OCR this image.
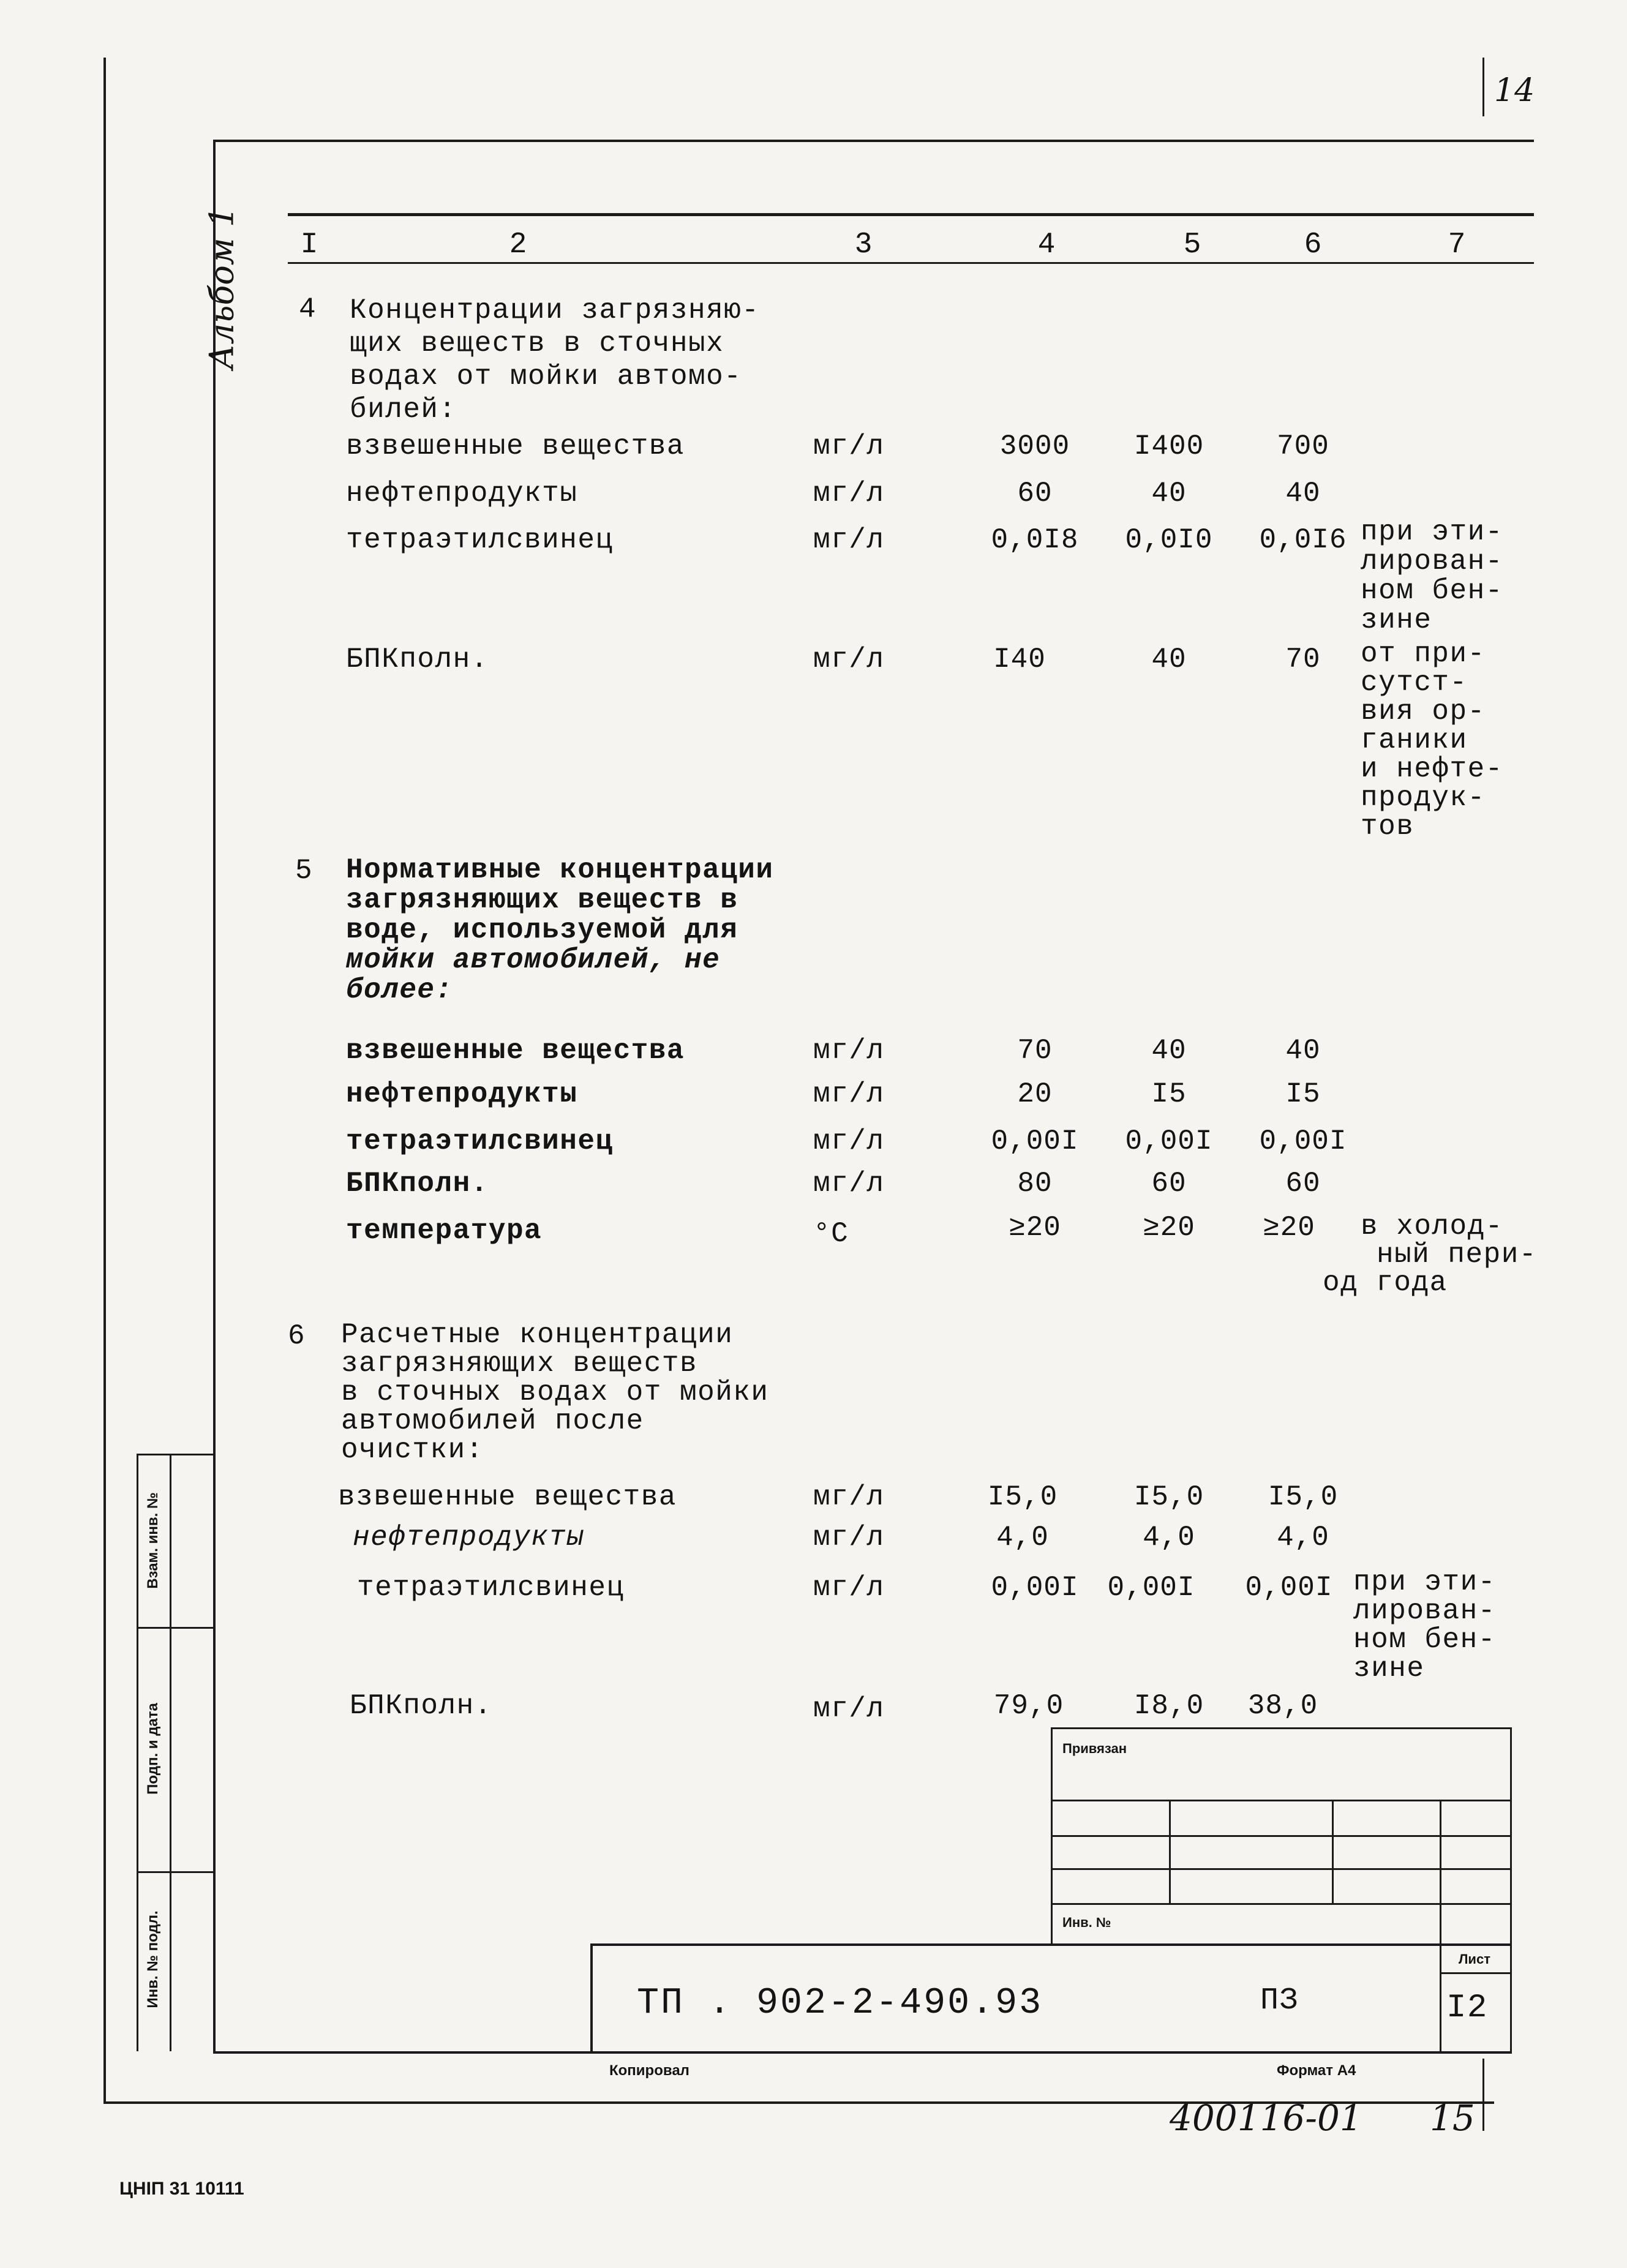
14
Альбом 1	I	2	3	4	5	6	7
4 Концентрации загрязняю-
щих веществ в сточных
водах от мойки автомо-
билей:
взвешенные вещества	мг/л	3000	I400	700
нефтепродукты	мг/л	60	40	40
тетраэтилсвинец	мг/л	0,0I8	0,0I0	0,0I6 при эти-
лирован-
ном бен-
зине
БПКполн.	мг/л	I40	40	70	от при-
сутст-
вия ор-
ганики
и нефте-
продук-
тов
5 Нормативные концентрации
загрязняющих веществ в
воде, используемой для
мойки автомобилей, не
более:
взвешенные вещества	мг/л	70	40	40
нефтепродукты	мг/л	20	I5	I5
тетраэтилсвинец	мг/л	0,00I	0,00I	0,00I
БПКполн.	мг/л	80	60	60
температура	°C	≥20	≥20	≥20	в холод-
ный пери-
од года
6 Расчетные концентрации
загрязняющих веществ
в сточных водах от мойки
автомобилей после
очистки:
взвешенные вещества	мг/л	I5,0	I5,0	I5,0
нефтепродукты	мг/л	4,0	4,0	4,0
тетраэтилсвинец	мг/л	0,00I	0,00I	0,00I при эти-
лирован-
ном бен-
зине
БПКполн.	мг/л	79,0	I8,0	38,0
Взам. инв. №
Подп. и дата
Инв. № подл.
Привязан
Инв. №
ТП . 902-2-490.93	ПЗ
Лист
I2
Копировал	Формат А4
400116-01 15
ЦНIП 31 10111
